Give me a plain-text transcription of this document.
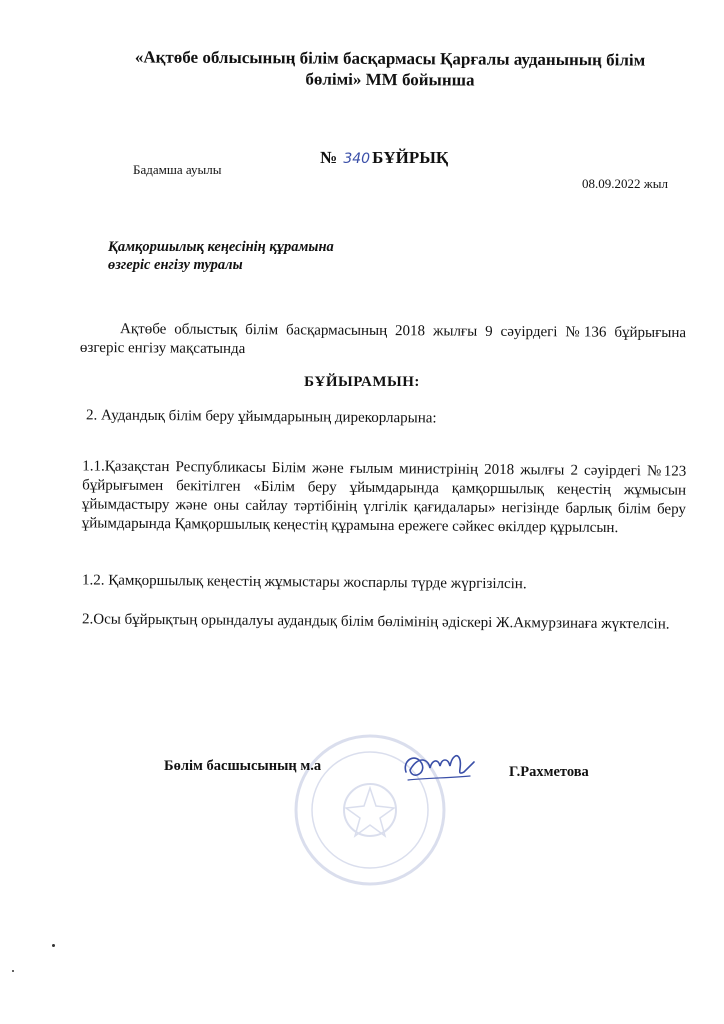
«Ақтөбе облысының білім басқармасы Қарғалы ауданының білім

бөлімі» ММ бойынша
№ 340 БҰЙРЫҚ
Бадамша ауылы
08.09.2022 жыл
Қамқоршылық кеңесінің құрамына
өзгеріс енгізу туралы
Ақтөбе облыстық білім басқармасының 2018 жылғы 9 сәуірдегі №136 бұйрығына өзгеріс енгізу мақсатында
БҰЙЫРАМЫН:
2. Аудандық білім беру ұйымдарының дирекорларына:
1.1.Қазақстан Республикасы Білім және ғылым министрінің 2018 жылғы 2 сәуірдегі №123 бұйрығымен бекітілген «Білім беру ұйымдарында қамқоршылық кеңестің жұмысын ұйымдастыру және оны сайлау тәртібінің үлгілік қағидалары» негізінде барлық білім беру ұйымдарында Қамқоршылық кеңестің құрамына ережеге сәйкес өкілдер құрылсын.
1.2. Қамқоршылық кеңестің жұмыстары жоспарлы түрде жүргізілсін.
2.Осы бұйрықтың орындалуы аудандық білім бөлімінің әдіскері Ж.Акмурзинаға жүктелсін.
Бөлім басшысының м.а	Г.Рахметова
